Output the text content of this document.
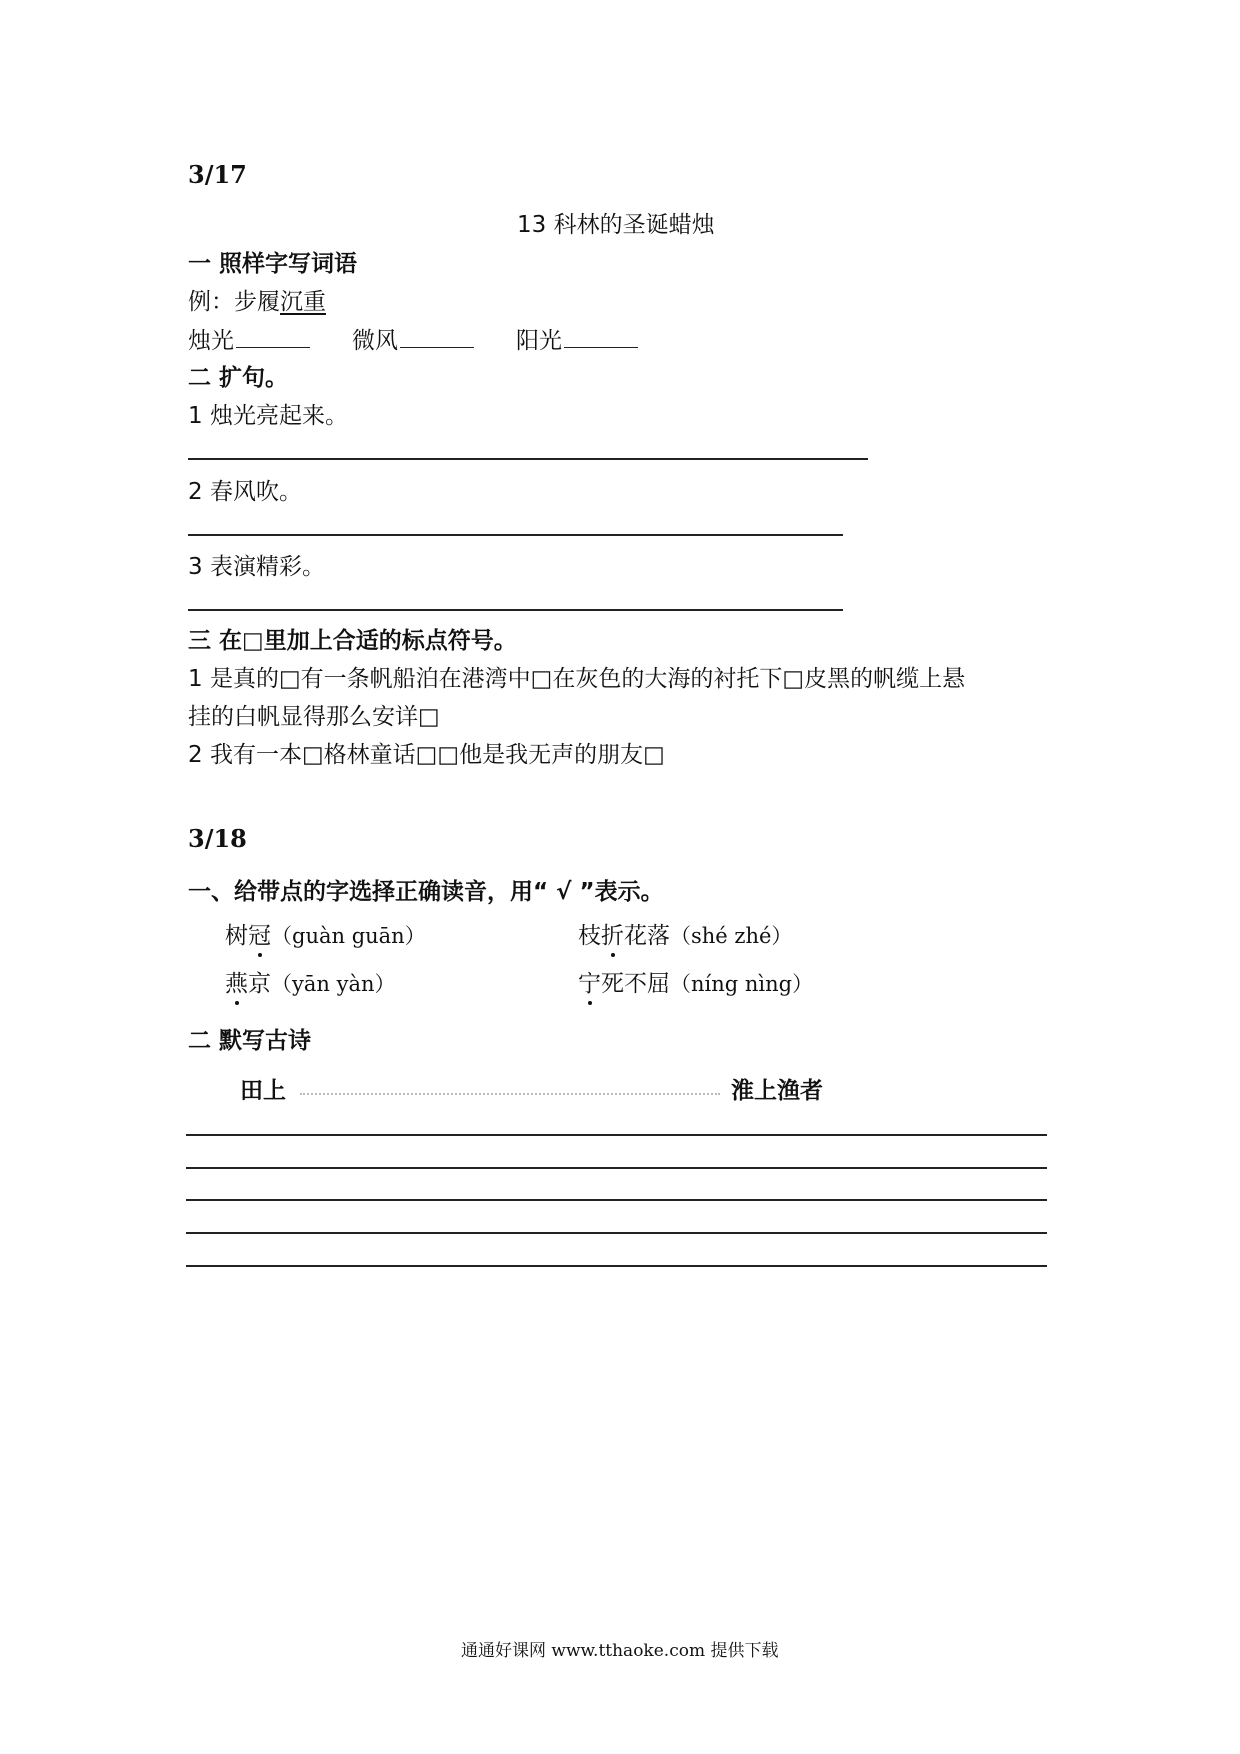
3/17
13 科林的圣诞蜡烛
一 照样字写词语
例：步履沉重
烛光	微风	阳光
二 扩句。
1 烛光亮起来。
2 春风吹。
3 表演精彩。
三 在□里加上合适的标点符号。
1 是真的□有一条帆船泊在港湾中□在灰色的大海的衬托下□皮黑的帆缆上悬
挂的白帆显得那么安详□
2 我有一本□格林童话□□他是我无声的朋友□
3/18
一、给带点的字选择正确读音，用“ √ ”表示。
树冠（guàn guān）	枝折花落（shé zhé）
燕京（yān yàn）	宁死不屈（níng nìng）
二 默写古诗
田上	淮上渔者
通通好课网 www.tthaoke.com 提供下载
